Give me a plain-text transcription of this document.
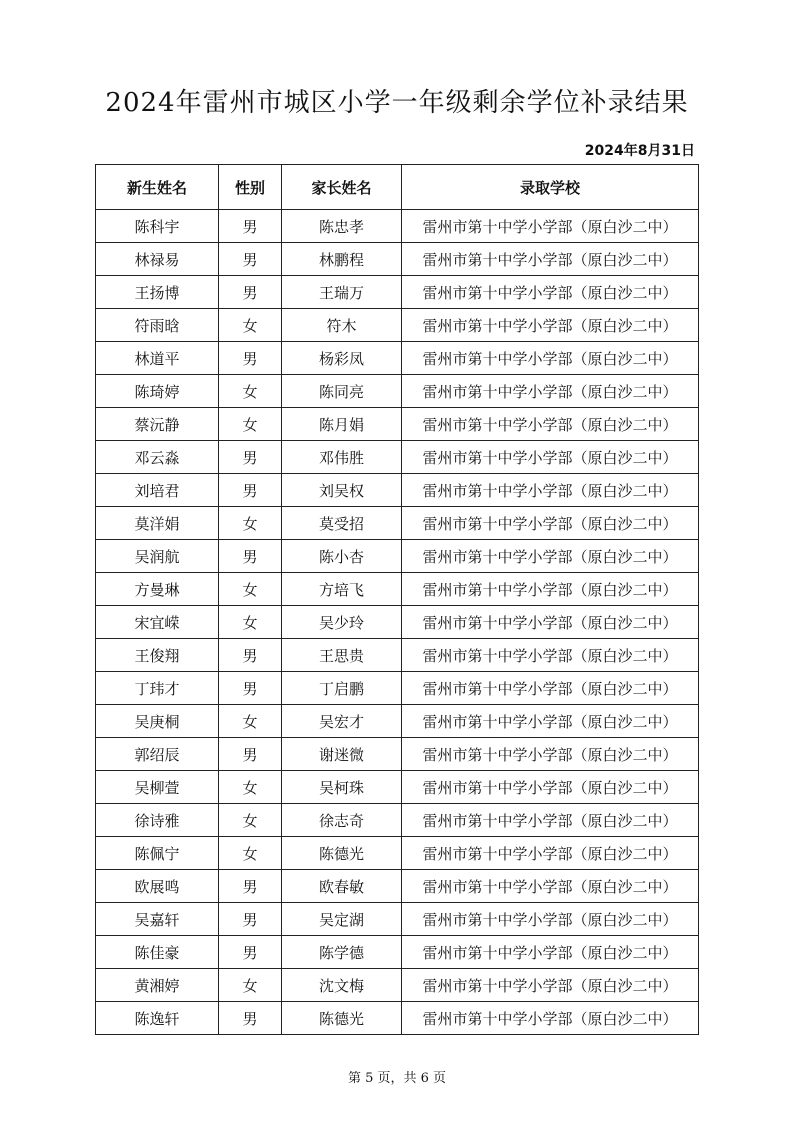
2024年雷州市城区小学一年级剩余学位补录结果
2024年8月31日
新生姓名	性别	家长姓名	录取学校
陈科宇	男	陈忠孝	雷州市第十中学小学部（原白沙二中）
林禄易	男	林鹏程	雷州市第十中学小学部（原白沙二中）
王扬博	男	王瑞万	雷州市第十中学小学部（原白沙二中）
符雨晗	女	符木	雷州市第十中学小学部（原白沙二中）
林道平	男	杨彩凤	雷州市第十中学小学部（原白沙二中）
陈琦婷	女	陈同亮	雷州市第十中学小学部（原白沙二中）
蔡沅静	女	陈月娟	雷州市第十中学小学部（原白沙二中）
邓云淼	男	邓伟胜	雷州市第十中学小学部（原白沙二中）
刘培君	男	刘吴权	雷州市第十中学小学部（原白沙二中）
莫洋娟	女	莫受招	雷州市第十中学小学部（原白沙二中）
吴润航	男	陈小杏	雷州市第十中学小学部（原白沙二中）
方曼琳	女	方培飞	雷州市第十中学小学部（原白沙二中）
宋宜嵘	女	吴少玲	雷州市第十中学小学部（原白沙二中）
王俊翔	男	王思贵	雷州市第十中学小学部（原白沙二中）
丁玮才	男	丁启鹏	雷州市第十中学小学部（原白沙二中）
吴庚桐	女	吴宏才	雷州市第十中学小学部（原白沙二中）
郭绍辰	男	谢迷微	雷州市第十中学小学部（原白沙二中）
吴柳萱	女	吴柯珠	雷州市第十中学小学部（原白沙二中）
徐诗雅	女	徐志奇	雷州市第十中学小学部（原白沙二中）
陈佩宁	女	陈德光	雷州市第十中学小学部（原白沙二中）
欧展鸣	男	欧春敏	雷州市第十中学小学部（原白沙二中）
吴嘉轩	男	吴定湖	雷州市第十中学小学部（原白沙二中）
陈佳豪	男	陈学德	雷州市第十中学小学部（原白沙二中）
黄湘婷	女	沈文梅	雷州市第十中学小学部（原白沙二中）
陈逸轩	男	陈德光	雷州市第十中学小学部（原白沙二中）
第 5 页，共 6 页
